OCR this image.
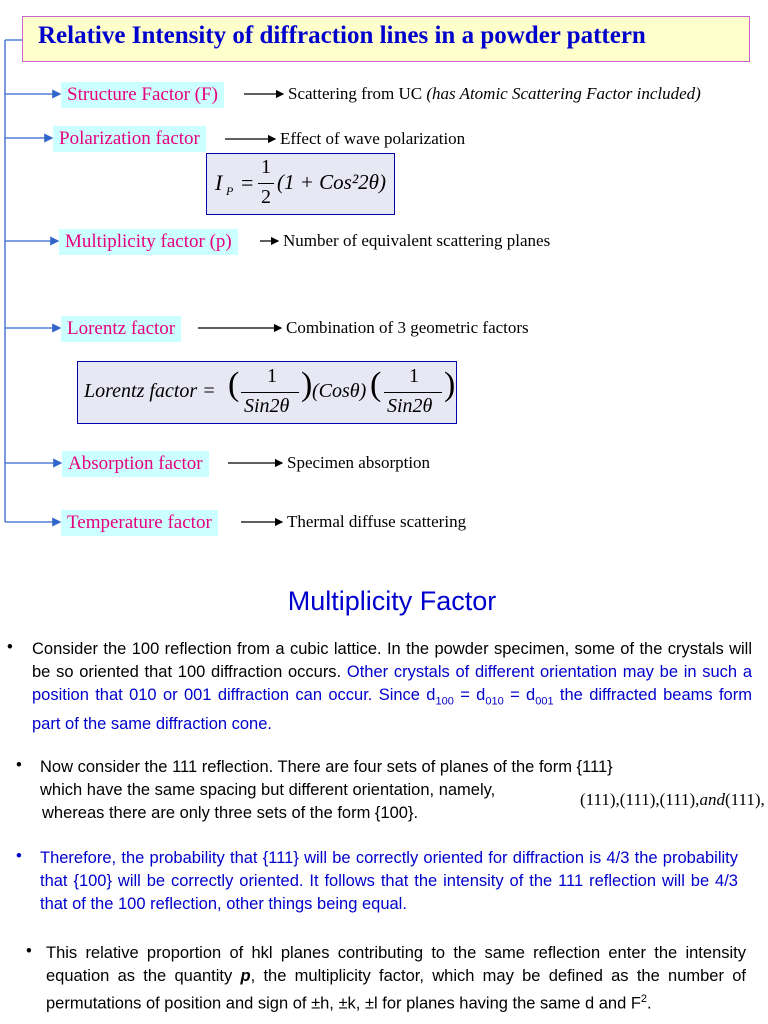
Relative Intensity of diffraction lines in a powder pattern
Structure Factor (F)	Scattering from UC (has Atomic Scattering Factor included)
Polarization factor	Effect of wave polarization
Multiplicity factor (p)	Number of equivalent scattering planes
Lorentz factor	Combination of 3 geometric factors
Absorption factor	Specimen absorption
Temperature factor	Thermal diffuse scattering
I P =
1
2
(1 + Cos²2θ)
Lorentz factor = ( 1
Sin2θ
) (Cosθ) ( 1
Sin2θ
)
Multiplicity Factor
• Consider the 100 reflection from a cubic lattice. In the powder specimen, some of the crystals will be so oriented that 100 diffraction occurs. Other crystals of different orientation may be in such a position that 010 or 001 diffraction can occur. Since $d_{100} = d_{010} = d_{001}$ the diffracted beams form part of the same diffraction cone.
• Now consider the 111 reflection. There are four sets of planes of the form {111}
which have the same spacing but different orientation, namely,
whereas there are only three sets of the form {100}.
(111),(111),(111),and(111),
• Therefore, the probability that {111} will be correctly oriented for diffraction is 4/3 the probability that {100} will be correctly oriented. It follows that the intensity of the 111 reflection will be 4/3 that of the 100 reflection, other things being equal.
• This relative proportion of hkl planes contributing to the same reflection enter the intensity equation as the quantity p, the multiplicity factor, which may be defined as the number of permutations of position and sign of ±h, ±k, ±l for planes having the same d and $F^2$.
